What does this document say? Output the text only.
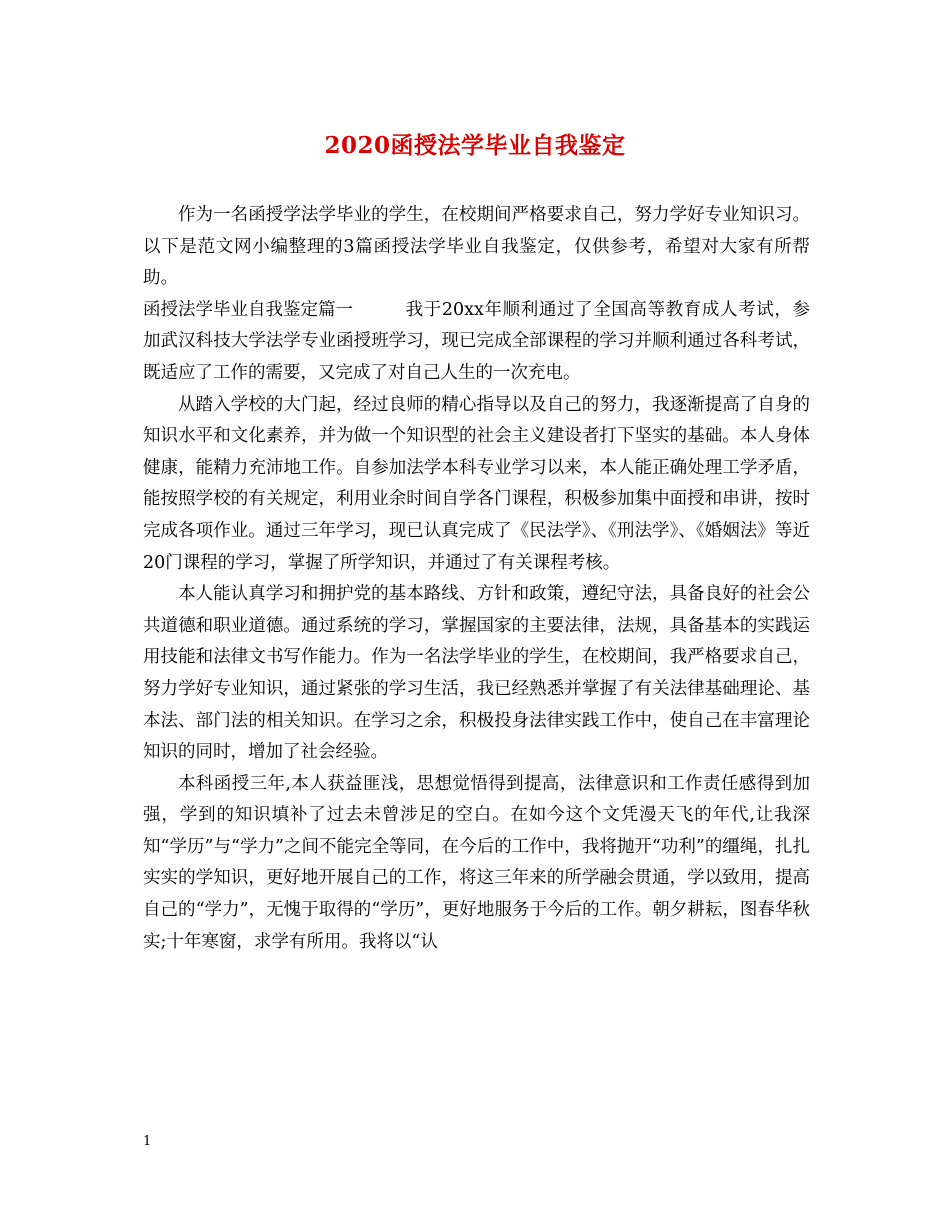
2020函授法学毕业自我鉴定

作为一名函授学法学毕业的学生，在校期间严格要求自己，努力学好专业知识习。以下是范文网小编整理的3篇函授法学毕业自我鉴定，仅供参考，希望对大家有所帮助。

函授法学毕业自我鉴定篇一	我于20xx年顺利通过了全国高等教育成人考试，参加武汉科技大学法学专业函授班学习，现已完成全部课程的学习并顺利通过各科考试，既适应了工作的需要，又完成了对自己人生的一次充电。

从踏入学校的大门起，经过良师的精心指导以及自己的努力，我逐渐提高了自身的知识水平和文化素养，并为做一个知识型的社会主义建设者打下坚实的基础。本人身体健康，能精力充沛地工作。自参加法学本科专业学习以来，本人能正确处理工学矛盾，能按照学校的有关规定，利用业余时间自学各门课程，积极参加集中面授和串讲，按时完成各项作业。通过三年学习，现已认真完成了《民法学》、《刑法学》、《婚姻法》等近20门课程的学习，掌握了所学知识，并通过了有关课程考核。

本人能认真学习和拥护党的基本路线、方针和政策，遵纪守法，具备良好的社会公共道德和职业道德。通过系统的学习，掌握国家的主要法律，法规，具备基本的实践运用技能和法律文书写作能力。作为一名法学毕业的学生，在校期间，我严格要求自己，努力学好专业知识，通过紧张的学习生活，我已经熟悉并掌握了有关法律基础理论、基本法、部门法的相关知识。在学习之余，积极投身法律实践工作中，使自己在丰富理论知识的同时，增加了社会经验。

本科函授三年,本人获益匪浅，思想觉悟得到提高，法律意识和工作责任感得到加强，学到的知识填补了过去未曾涉足的空白。在如今这个文凭漫天飞的年代,让我深知“学历”与“学力”之间不能完全等同，在今后的工作中，我将抛开“功利”的缰绳，扎扎实实的学知识，更好地开展自己的工作，将这三年来的所学融会贯通，学以致用，提高自己的“学力”，无愧于取得的“学历”，更好地服务于今后的工作。朝夕耕耘，图春华秋实;十年寒窗，求学有所用。我将以“认

1
